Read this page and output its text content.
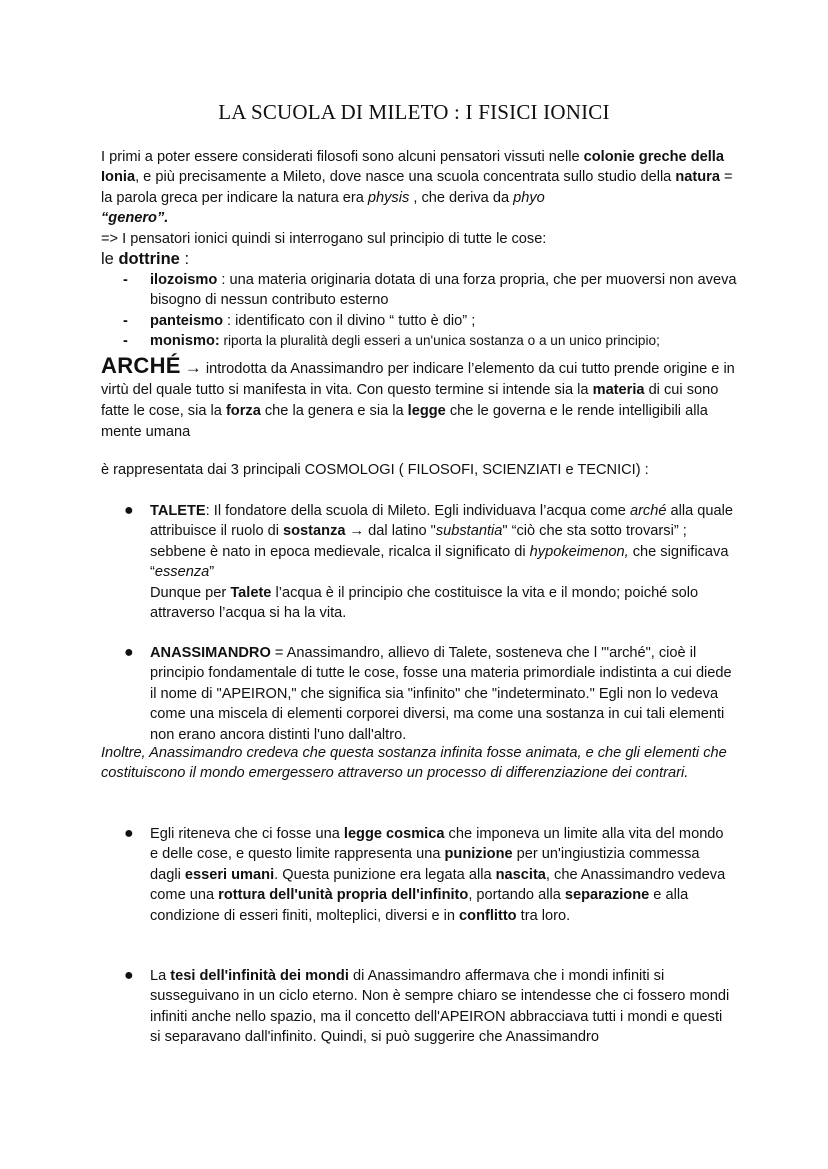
LA SCUOLA DI MILETO : I FISICI IONICI
I primi a poter essere considerati filosofi sono alcuni pensatori vissuti nelle colonie greche della Ionia, e più precisamente a Mileto, dove nasce una scuola concentrata sullo studio della natura = la parola greca per indicare la natura era physis , che deriva da phyo
“genero”.
=> I pensatori ionici quindi si interrogano sul principio di tutte le cose:
le dottrine :
- ilozoismo : una materia originaria dotata di una forza propria, che per muoversi non aveva bisogno di nessun contributo esterno
- panteismo : identificato con il divino “ tutto è dio” ;
- monismo: riporta la pluralità degli esseri a un'unica sostanza o a un unico principio;
ARCHÉ → introdotta da Anassimandro per indicare l’elemento da cui tutto prende origine e in virtù del quale tutto si manifesta in vita. Con questo termine si intende sia la materia di cui sono fatte le cose, sia la forza che la genera e sia la legge che le governa e le rende intelligibili alla mente umana
è rappresentata dai 3 principali COSMOLOGI ( FILOSOFI, SCIENZIATI e TECNICI) :
● TALETE: Il fondatore della scuola di Mileto. Egli individuava l’acqua come arché alla quale attribuisce il ruolo di sostanza → dal latino "substantia" “ciò che sta sotto trovarsi” ; sebbene è nato in epoca medievale, ricalca il significato di hypokeimenon, che significava “essenza”
Dunque per Talete l’acqua è il principio che costituisce la vita e il mondo; poiché solo attraverso l’acqua si ha la vita.
● ANASSIMANDRO = Anassimandro, allievo di Talete, sosteneva che l '"arché", cioè il principio fondamentale di tutte le cose, fosse una materia primordiale indistinta a cui diede il nome di "APEIRON," che significa sia "infinito" che "indeterminato." Egli non lo vedeva come una miscela di elementi corporei diversi, ma come una sostanza in cui tali elementi non erano ancora distinti l'uno dall'altro.
Inoltre, Anassimandro credeva che questa sostanza infinita fosse animata, e che gli elementi che costituiscono il mondo emergessero attraverso un processo di differenziazione dei contrari.
● Egli riteneva che ci fosse una legge cosmica che imponeva un limite alla vita del mondo e delle cose, e questo limite rappresenta una punizione per un'ingiustizia commessa dagli esseri umani. Questa punizione era legata alla nascita, che Anassimandro vedeva come una rottura dell'unità propria dell'infinito, portando alla separazione e alla condizione di esseri finiti, molteplici, diversi e in conflitto tra loro.
● La tesi dell'infinità dei mondi di Anassimandro affermava che i mondi infiniti si susseguivano in un ciclo eterno. Non è sempre chiaro se intendesse che ci fossero mondi infiniti anche nello spazio, ma il concetto dell'APEIRON abbracciava tutti i mondi e questi si separavano dall'infinito. Quindi, si può suggerire che Anassimandro
